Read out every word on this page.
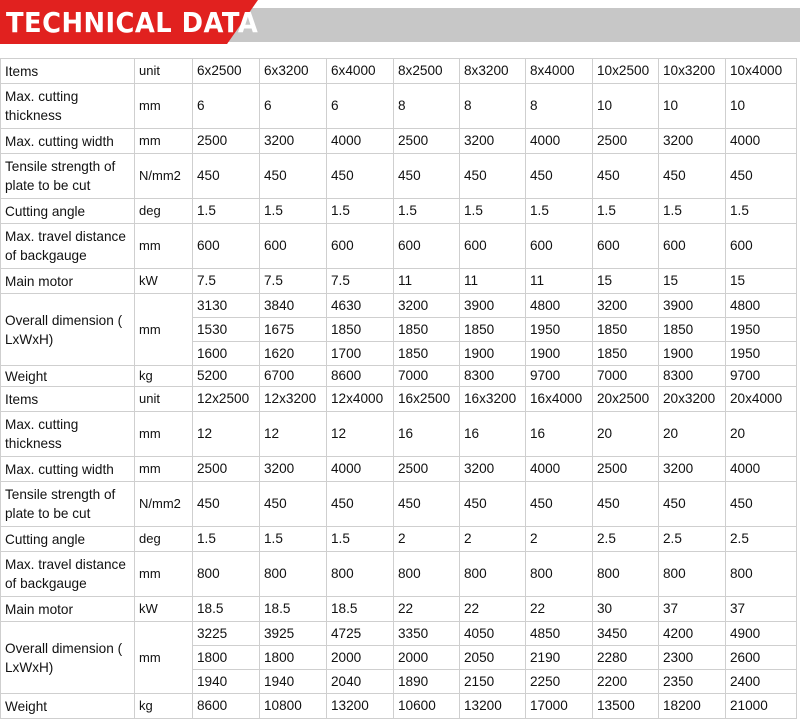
TECHNICAL DATA
Items	unit	6x2500	6x3200	6x4000	8x2500	8x3200	8x4000	10x2500	10x3200	10x4000
Max. cutting thickness	mm	6	6	6	8	8	8	10	10	10
Max. cutting width	mm	2500	3200	4000	2500	3200	4000	2500	3200	4000
Tensile strength of plate to be cut	N/mm2	450	450	450	450	450	450	450	450	450
Cutting angle	deg	1.5	1.5	1.5	1.5	1.5	1.5	1.5	1.5	1.5
Max. travel distance of backgauge	mm	600	600	600	600	600	600	600	600	600
Main motor	kW	7.5	7.5	7.5	11	11	11	15	15	15
Overall dimension ( LxWxH)	mm	3130	3840	4630	3200	3900	4800	3200	3900	4800
		1530	1675	1850	1850	1850	1950	1850	1850	1950
		1600	1620	1700	1850	1900	1900	1850	1900	1950
Weight	kg	5200	6700	8600	7000	8300	9700	7000	8300	9700
Items	unit	12x2500	12x3200	12x4000	16x2500	16x3200	16x4000	20x2500	20x3200	20x4000
Max. cutting thickness	mm	12	12	12	16	16	16	20	20	20
Max. cutting width	mm	2500	3200	4000	2500	3200	4000	2500	3200	4000
Tensile strength of plate to be cut	N/mm2	450	450	450	450	450	450	450	450	450
Cutting angle	deg	1.5	1.5	1.5	2	2	2	2.5	2.5	2.5
Max. travel distance of backgauge	mm	800	800	800	800	800	800	800	800	800
Main motor	kW	18.5	18.5	18.5	22	22	22	30	37	37
Overall dimension ( LxWxH)	mm	3225	3925	4725	3350	4050	4850	3450	4200	4900
		1800	1800	2000	2000	2050	2190	2280	2300	2600
		1940	1940	2040	1890	2150	2250	2200	2350	2400
Weight	kg	8600	10800	13200	10600	13200	17000	13500	18200	21000
